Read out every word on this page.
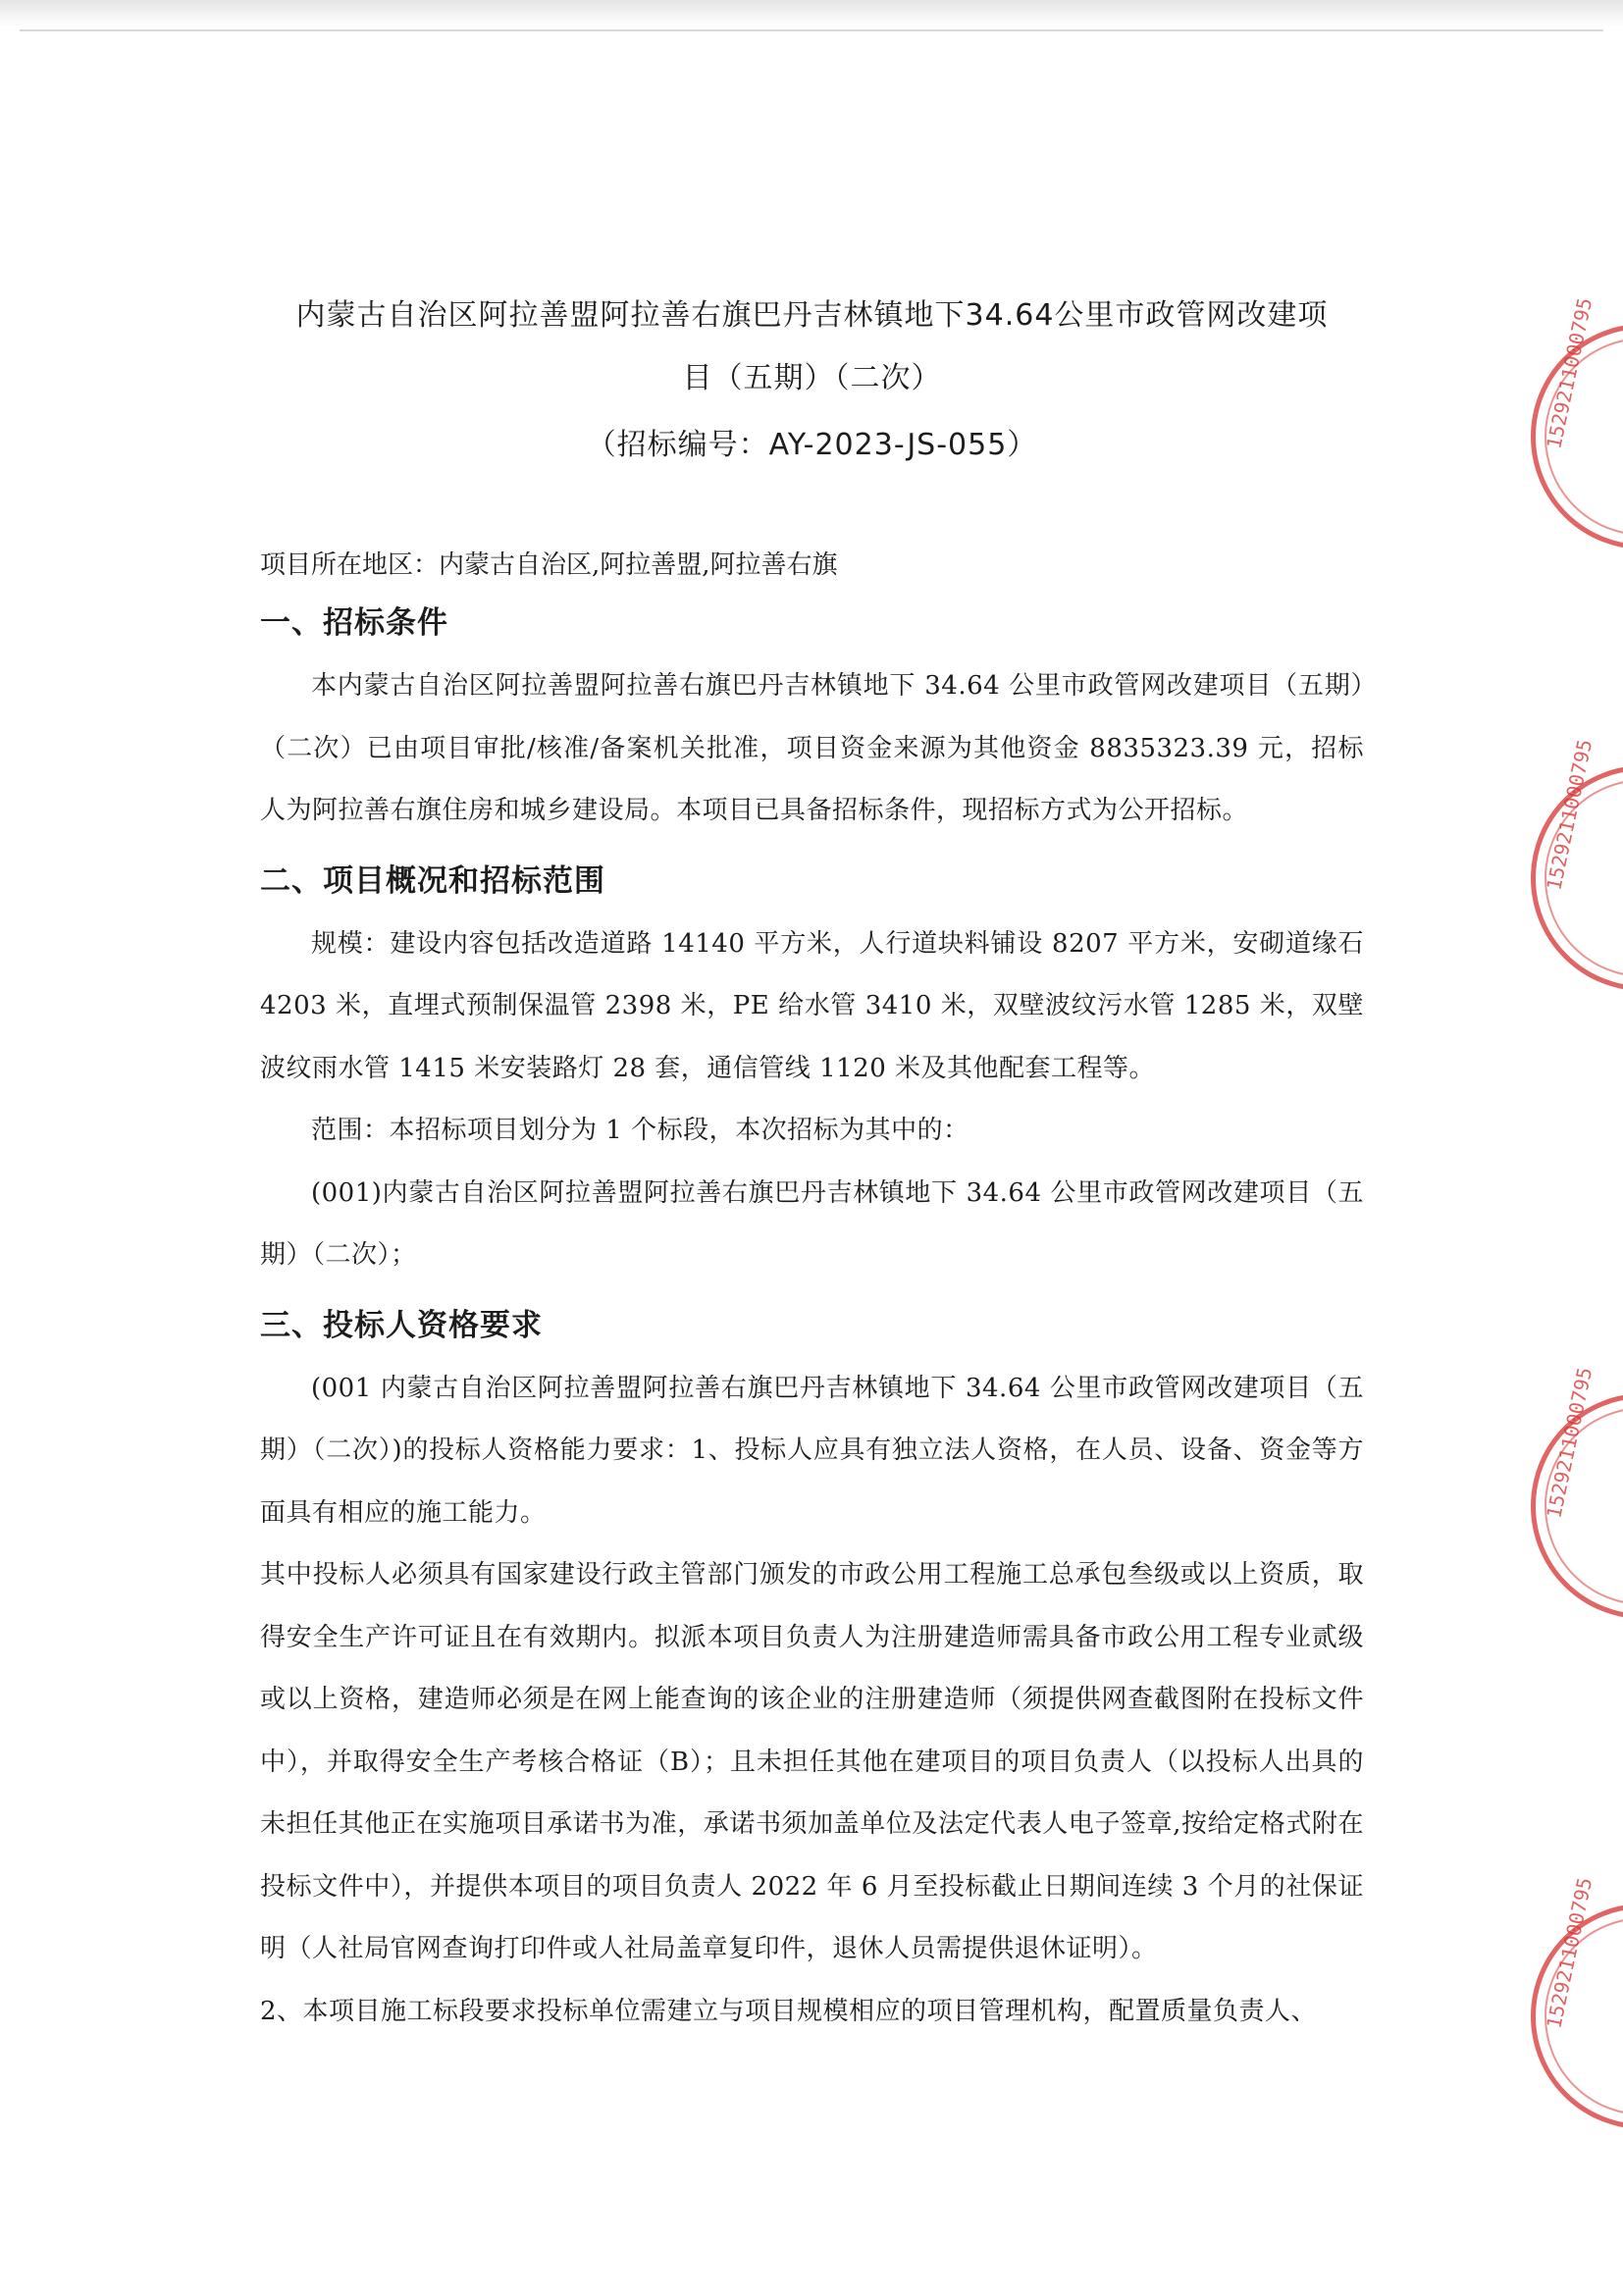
内蒙古自治区阿拉善盟阿拉善右旗巴丹吉林镇地下34.64公里市政管网改建项

目（五期）（二次）

（招标编号：AY-2023-JS-055）

项目所在地区：内蒙古自治区,阿拉善盟,阿拉善右旗
一、招标条件

本内蒙古自治区阿拉善盟阿拉善右旗巴丹吉林镇地下 34.64 公里市政管网改建项目（五期）（二次）已由项目审批/核准/备案机关批准，项目资金来源为其他资金 8835323.39 元，招标人为阿拉善右旗住房和城乡建设局。本项目已具备招标条件，现招标方式为公开招标。

二、项目概况和招标范围

规模：建设内容包括改造道路 14140 平方米，人行道块料铺设 8207 平方米，安砌道缘石 4203 米，直埋式预制保温管 2398 米，PE 给水管 3410 米，双壁波纹污水管 1285 米，双壁波纹雨水管 1415 米安装路灯 28 套，通信管线 1120 米及其他配套工程等。

范围：本招标项目划分为 1 个标段，本次招标为其中的：

(001)内蒙古自治区阿拉善盟阿拉善右旗巴丹吉林镇地下 34.64 公里市政管网改建项目（五期）（二次）；

三、投标人资格要求

(001 内蒙古自治区阿拉善盟阿拉善右旗巴丹吉林镇地下 34.64 公里市政管网改建项目（五期）（二次）)的投标人资格能力要求：1、投标人应具有独立法人资格，在人员、设备、资金等方面具有相应的施工能力。

其中投标人必须具有国家建设行政主管部门颁发的市政公用工程施工总承包叁级或以上资质，取得安全生产许可证且在有效期内。拟派本项目负责人为注册建造师需具备市政公用工程专业贰级或以上资格，建造师必须是在网上能查询的该企业的注册建造师（须提供网查截图附在投标文件中），并取得安全生产考核合格证（B）；且未担任其他在建项目的项目负责人（以投标人出具的未担任其他正在实施项目承诺书为准，承诺书须加盖单位及法定代表人电子签章,按给定格式附在投标文件中），并提供本项目的项目负责人 2022 年 6 月至投标截止日期间连续 3 个月的社保证明（人社局官网查询打印件或人社局盖章复印件，退休人员需提供退休证明）。

2、本项目施工标段要求投标单位需建立与项目规模相应的项目管理机构，配置质量负责人、

1529211000795
1529211000795
1529211000795
1529211000795
